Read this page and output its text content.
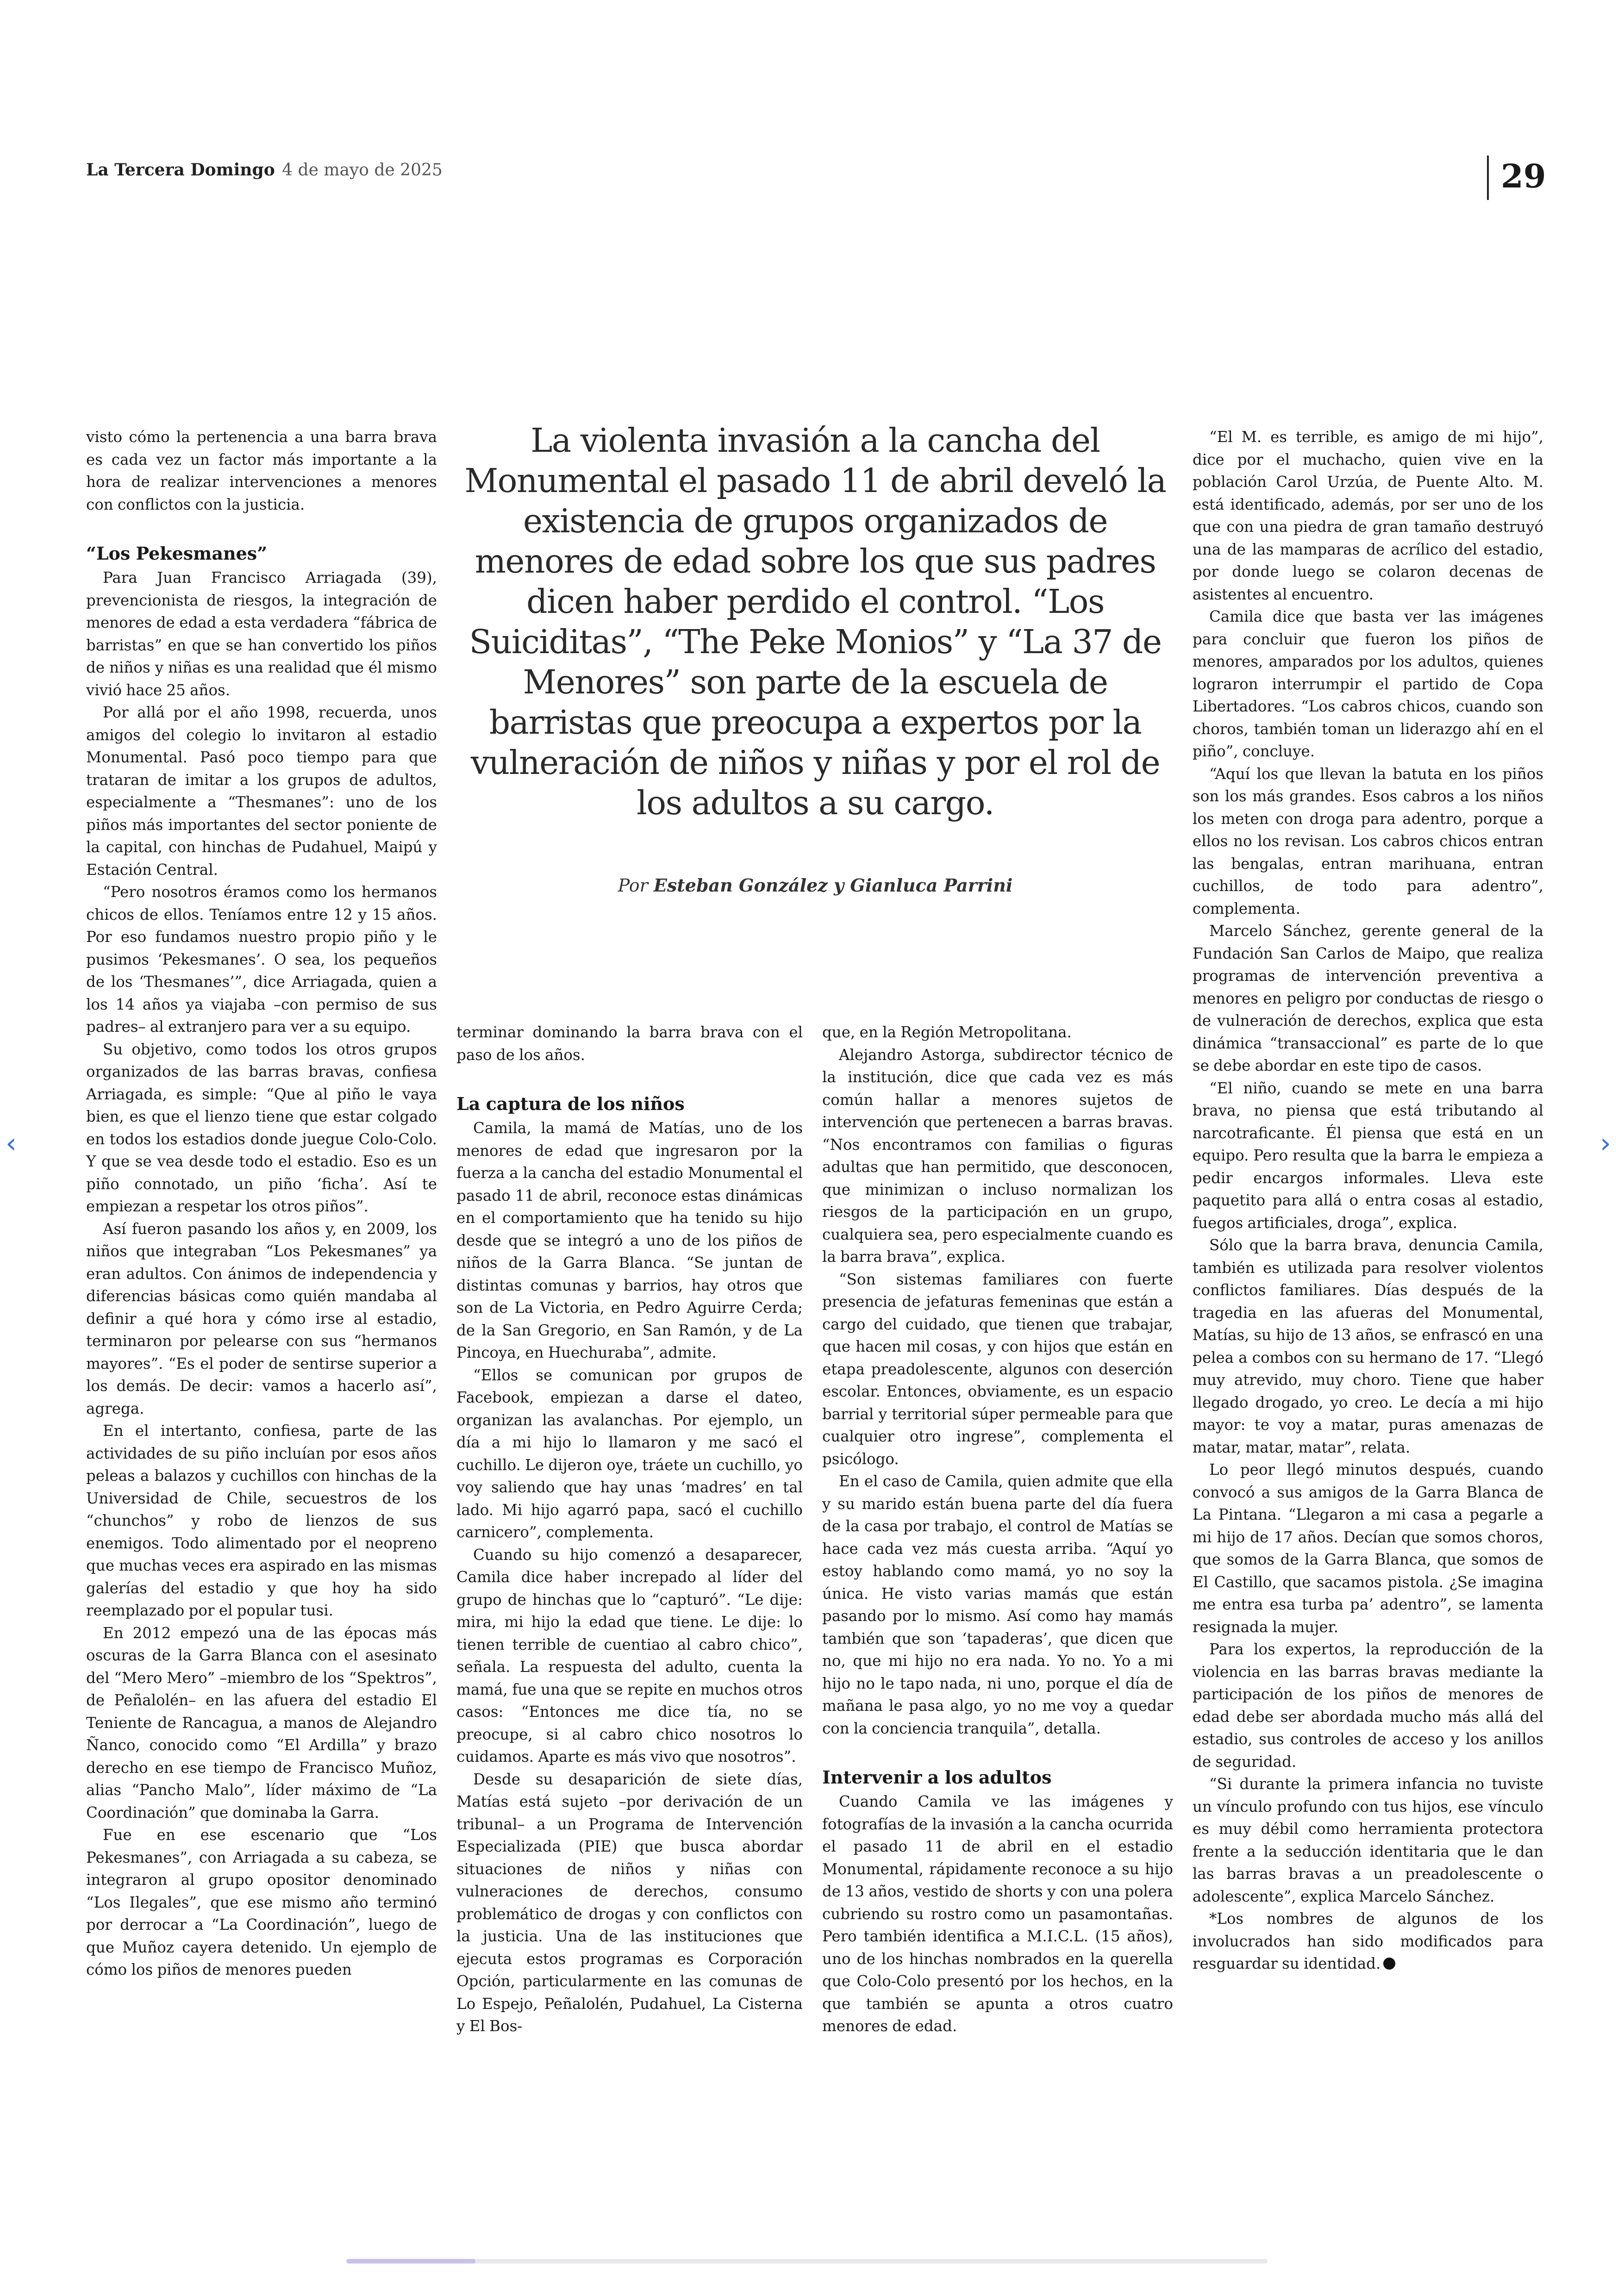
La Tercera Domingo 4 de mayo de 2025	29

visto cómo la pertenencia a una barra brava es cada vez un factor más importante a la hora de realizar intervenciones a menores con conflictos con la justicia.

“Los Pekesmanes”

Para Juan Francisco Arriagada (39), prevencionista de riesgos, la integración de menores de edad a esta verdadera “fábrica de barristas” en que se han convertido los piños de niños y niñas es una realidad que él mismo vivió hace 25 años.

Por allá por el año 1998, recuerda, unos amigos del colegio lo invitaron al estadio Monumental. Pasó poco tiempo para que trataran de imitar a los grupos de adultos, especialmente a “Thesmanes”: uno de los piños más importantes del sector poniente de la capital, con hinchas de Pudahuel, Maipú y Estación Central.

“Pero nosotros éramos como los hermanos chicos de ellos. Teníamos entre 12 y 15 años. Por eso fundamos nuestro propio piño y le pusimos ‘Pekesmanes’. O sea, los pequeños de los ‘Thesmanes’”, dice Arriagada, quien a los 14 años ya viajaba –con permiso de sus padres– al extranjero para ver a su equipo.

Su objetivo, como todos los otros grupos organizados de las barras bravas, confiesa Arriagada, es simple: “Que al piño le vaya bien, es que el lienzo tiene que estar colgado en todos los estadios donde juegue Colo-Colo. Y que se vea desde todo el estadio. Eso es un piño connotado, un piño ‘ficha’. Así te empiezan a respetar los otros piños”.

Así fueron pasando los años y, en 2009, los niños que integraban “Los Pekesmanes” ya eran adultos. Con ánimos de independencia y diferencias básicas como quién mandaba al definir a qué hora y cómo irse al estadio, terminaron por pelearse con sus “hermanos mayores”. “Es el poder de sentirse superior a los demás. De decir: vamos a hacerlo así”, agrega.

En el intertanto, confiesa, parte de las actividades de su piño incluían por esos años peleas a balazos y cuchillos con hinchas de la Universidad de Chile, secuestros de los “chunchos” y robo de lienzos de sus enemigos. Todo alimentado por el neopreno que muchas veces era aspirado en las mismas galerías del estadio y que hoy ha sido reemplazado por el popular tusi.

En 2012 empezó una de las épocas más oscuras de la Garra Blanca con el asesinato del “Mero Mero” –miembro de los “Spektros”, de Peñalolén– en las afuera del estadio El Teniente de Rancagua, a manos de Alejandro Ñanco, conocido como “El Ardilla” y brazo derecho en ese tiempo de Francisco Muñoz, alias “Pancho Malo”, líder máximo de “La Coordinación” que dominaba la Garra.

Fue en ese escenario que “Los Pekesmanes”, con Arriagada a su cabeza, se integraron al grupo opositor denominado “Los Ilegales”, que ese mismo año terminó por derrocar a “La Coordinación”, luego de que Muñoz cayera detenido. Un ejemplo de cómo los piños de menores pueden

La violenta invasión a la cancha del Monumental el pasado 11 de abril develó la existencia de grupos organizados de menores de edad sobre los que sus padres dicen haber perdido el control. “Los Suiciditas”, “The Peke Monios” y “La 37 de Menores” son parte de la escuela de barristas que preocupa a expertos por la vulneración de niños y niñas y por el rol de los adultos a su cargo.
Por Esteban González y Gianluca Parrini

terminar dominando la barra brava con el paso de los años.

La captura de los niños

Camila, la mamá de Matías, uno de los menores de edad que ingresaron por la fuerza a la cancha del estadio Monumental el pasado 11 de abril, reconoce estas dinámicas en el comportamiento que ha tenido su hijo desde que se integró a uno de los piños de niños de la Garra Blanca. “Se juntan de distintas comunas y barrios, hay otros que son de La Victoria, en Pedro Aguirre Cerda; de la San Gregorio, en San Ramón, y de La Pincoya, en Huechuraba”, admite.

“Ellos se comunican por grupos de Facebook, empiezan a darse el dateo, organizan las avalanchas. Por ejemplo, un día a mi hijo lo llamaron y me sacó el cuchillo. Le dijeron oye, tráete un cuchillo, yo voy saliendo que hay unas ‘madres’ en tal lado. Mi hijo agarró papa, sacó el cuchillo carnicero”, complementa.

Cuando su hijo comenzó a desaparecer, Camila dice haber increpado al líder del grupo de hinchas que lo “capturó”. “Le dije: mira, mi hijo la edad que tiene. Le dije: lo tienen terrible de cuentiao al cabro chico”, señala. La respuesta del adulto, cuenta la mamá, fue una que se repite en muchos otros casos: “Entonces me dice tía, no se preocupe, si al cabro chico nosotros lo cuidamos. Aparte es más vivo que nosotros”.

Desde su desaparición de siete días, Matías está sujeto –por derivación de un tribunal– a un Programa de Intervención Especializada (PIE) que busca abordar situaciones de niños y niñas con vulneraciones de derechos, consumo problemático de drogas y con conflictos con la justicia. Una de las instituciones que ejecuta estos programas es Corporación Opción, particularmente en las comunas de Lo Espejo, Peñalolén, Pudahuel, La Cisterna y El Bos-

que, en la Región Metropolitana.

Alejandro Astorga, subdirector técnico de la institución, dice que cada vez es más común hallar a menores sujetos de intervención que pertenecen a barras bravas. “Nos encontramos con familias o figuras adultas que han permitido, que desconocen, que minimizan o incluso normalizan los riesgos de la participación en un grupo, cualquiera sea, pero especialmente cuando es la barra brava”, explica.

“Son sistemas familiares con fuerte presencia de jefaturas femeninas que están a cargo del cuidado, que tienen que trabajar, que hacen mil cosas, y con hijos que están en etapa preadolescente, algunos con deserción escolar. Entonces, obviamente, es un espacio barrial y territorial súper permeable para que cualquier otro ingrese”, complementa el psicólogo.

En el caso de Camila, quien admite que ella y su marido están buena parte del día fuera de la casa por trabajo, el control de Matías se hace cada vez más cuesta arriba. “Aquí yo estoy hablando como mamá, yo no soy la única. He visto varias mamás que están pasando por lo mismo. Así como hay mamás también que son ‘tapaderas’, que dicen que no, que mi hijo no era nada. Yo no. Yo a mi hijo no le tapo nada, ni uno, porque el día de mañana le pasa algo, yo no me voy a quedar con la conciencia tranquila”, detalla.

Intervenir a los adultos

Cuando Camila ve las imágenes y fotografías de la invasión a la cancha ocurrida el pasado 11 de abril en el estadio Monumental, rápidamente reconoce a su hijo de 13 años, vestido de shorts y con una polera cubriendo su rostro como un pasamontañas. Pero también identifica a M.I.C.L. (15 años), uno de los hinchas nombrados en la querella que Colo-Colo presentó por los hechos, en la que también se apunta a otros cuatro menores de edad.

“El M. es terrible, es amigo de mi hijo”, dice por el muchacho, quien vive en la población Carol Urzúa, de Puente Alto. M. está identificado, además, por ser uno de los que con una piedra de gran tamaño destruyó una de las mamparas de acrílico del estadio, por donde luego se colaron decenas de asistentes al encuentro.

Camila dice que basta ver las imágenes para concluir que fueron los piños de menores, amparados por los adultos, quienes lograron interrumpir el partido de Copa Libertadores. “Los cabros chicos, cuando son choros, también toman un liderazgo ahí en el piño”, concluye.

“Aquí los que llevan la batuta en los piños son los más grandes. Esos cabros a los niños los meten con droga para adentro, porque a ellos no los revisan. Los cabros chicos entran las bengalas, entran marihuana, entran cuchillos, de todo para adentro”, complementa.

Marcelo Sánchez, gerente general de la Fundación San Carlos de Maipo, que realiza programas de intervención preventiva a menores en peligro por conductas de riesgo o de vulneración de derechos, explica que esta dinámica “transaccional” es parte de lo que se debe abordar en este tipo de casos.

“El niño, cuando se mete en una barra brava, no piensa que está tributando al narcotraficante. Él piensa que está en un equipo. Pero resulta que la barra le empieza a pedir encargos informales. Lleva este paquetito para allá o entra cosas al estadio, fuegos artificiales, droga”, explica.

Sólo que la barra brava, denuncia Camila, también es utilizada para resolver violentos conflictos familiares. Días después de la tragedia en las afueras del Monumental, Matías, su hijo de 13 años, se enfrascó en una pelea a combos con su hermano de 17. “Llegó muy atrevido, muy choro. Tiene que haber llegado drogado, yo creo. Le decía a mi hijo mayor: te voy a matar, puras amenazas de matar, matar, matar”, relata.

Lo peor llegó minutos después, cuando convocó a sus amigos de la Garra Blanca de La Pintana. “Llegaron a mi casa a pegarle a mi hijo de 17 años. Decían que somos choros, que somos de la Garra Blanca, que somos de El Castillo, que sacamos pistola. ¿Se imagina me entra esa turba pa’ adentro”, se lamenta resignada la mujer.

Para los expertos, la reproducción de la violencia en las barras bravas mediante la participación de los piños de menores de edad debe ser abordada mucho más allá del estadio, sus controles de acceso y los anillos de seguridad.

“Si durante la primera infancia no tuviste un vínculo profundo con tus hijos, ese vínculo es muy débil como herramienta protectora frente a la seducción identitaria que le dan las barras bravas a un preadolescente o adolescente”, explica Marcelo Sánchez.

*Los nombres de algunos de los involucrados han sido modificados para resguardar su identidad.

‹	›
